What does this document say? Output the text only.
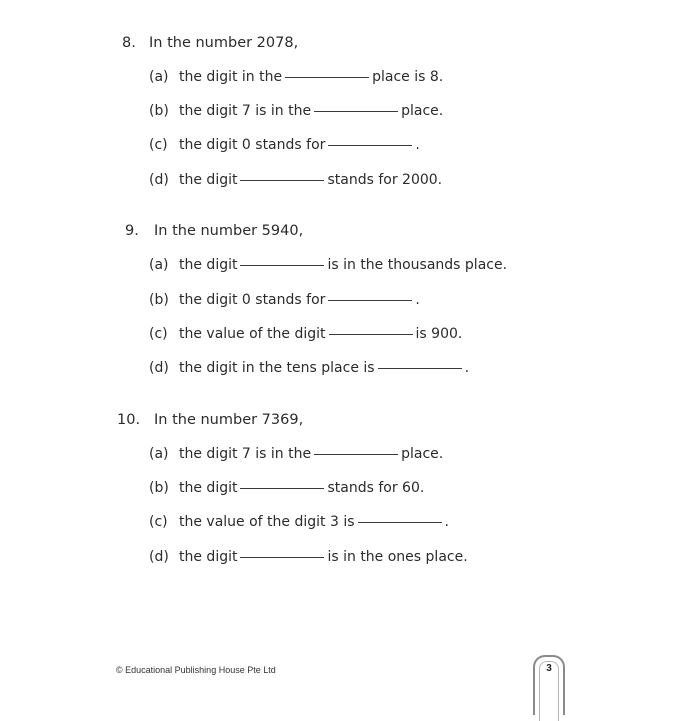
8. In the number 2078,
(a) the digit in the	place is 8.
(b) the digit 7 is in the	place.
(c) the digit 0 stands for	.
(d) the digit	stands for 2000.
9. In the number 5940,
(a) the digit	is in the thousands place.
(b) the digit 0 stands for	.
(c) the value of the digit	is 900.
(d) the digit in the tens place is	.
10. In the number 7369,
(a) the digit 7 is in the	place.
(b) the digit	stands for 60.
(c) the value of the digit 3 is	.
(d) the digit	is in the ones place.
© Educational Publishing House Pte Ltd	3
